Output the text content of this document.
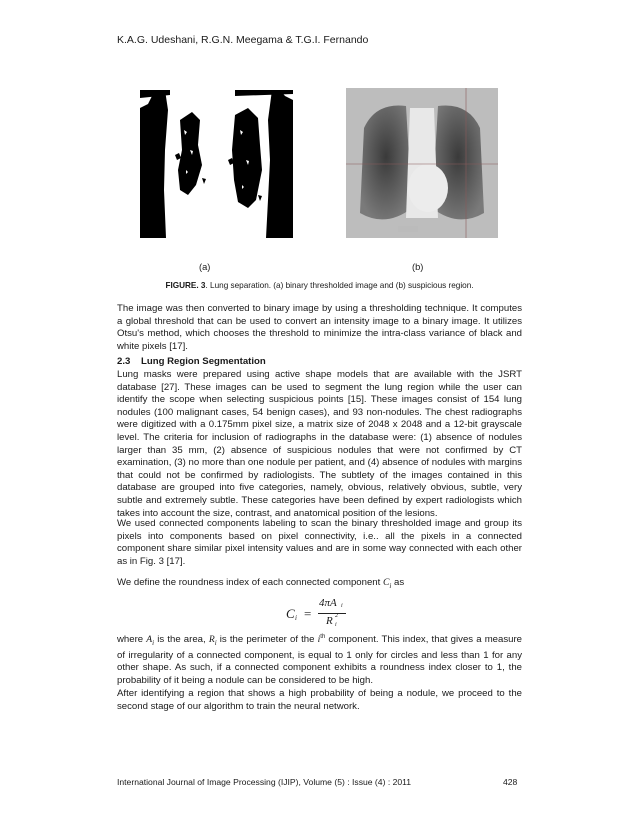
K.A.G. Udeshani, R.G.N. Meegama & T.G.I. Fernando
(a)	(b)
FIGURE. 3. Lung separation. (a) binary thresholded image and (b) suspicious region.
The image was then converted to binary image by using a thresholding technique. It computes a global threshold that can be used to convert an intensity image to a binary image. It utilizes Otsu's method, which chooses the threshold to minimize the intra-class variance of black and white pixels [17].
2.3 Lung Region Segmentation
Lung masks were prepared using active shape models that are available with the JSRT database [27]. These images can be used to segment the lung region while the user can identify the scope when selecting suspicious points [15]. These images consist of 154 lung nodules (100 malignant cases, 54 benign cases), and 93 non-nodules. The chest radiographs were digitized with a 0.175mm pixel size, a matrix size of 2048 x 2048 and a 12-bit grayscale level. The criteria for inclusion of radiographs in the database were: (1) absence of nodules larger than 35 mm, (2) absence of suspicious nodules that were not confirmed by CT examination, (3) no more than one nodule per patient, and (4) absence of nodules with margins that could not be confirmed by radiologists. The subtlety of the images contained in this database are grouped into five categories, namely, obvious, relatively obvious, subtle, very subtle and extremely subtle. These categories have been defined by expert radiologists which takes into account the size, contrast, and anatomical position of the lesions.
We used connected components labeling to scan the binary thresholded image and group its pixels into components based on pixel connectivity, i.e.. all the pixels in a connected component share similar pixel intensity values and are in some way connected with each other as in Fig. 3 [17].
We define the roundness index of each connected component $C_i$ as
C i =
4πA i
R 2
i
where $A_i$ is the area, $R_i$ is the perimeter of the $i^{th}$ component. This index, that gives a measure of irregularity of a connected component, is equal to 1 only for circles and less than 1 for any other shape. As such, if a connected component exhibits a roundness index closer to 1, the probability of it being a nodule can be considered to be high.
After identifying a region that shows a high probability of being a nodule, we proceed to the second stage of our algorithm to train the neural network.
International Journal of Image Processing (IJIP), Volume (5) : Issue (4) : 2011	428
